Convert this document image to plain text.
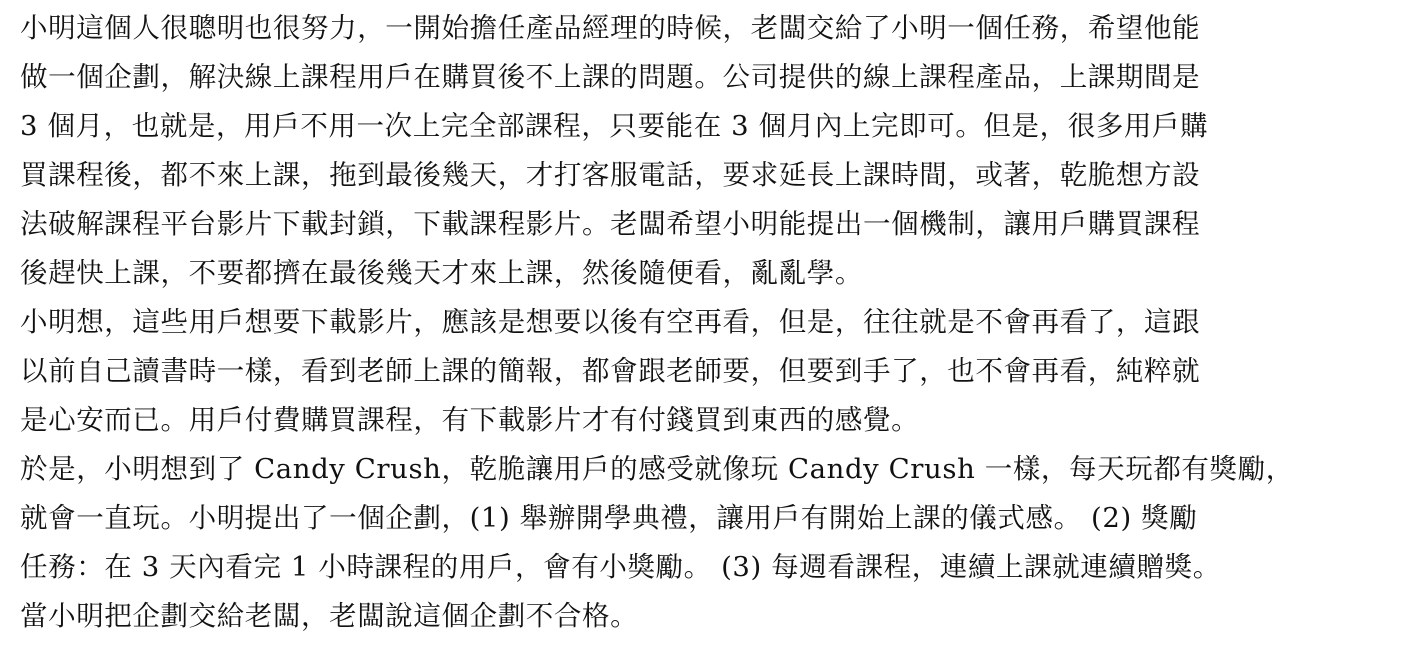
小明這個人很聰明也很努力，一開始擔任產品經理的時候，老闆交給了小明一個任務，希望他能
做一個企劃，解決線上課程用戶在購買後不上課的問題。公司提供的線上課程產品，上課期間是
3 個月，也就是，用戶不用一次上完全部課程，只要能在 3 個月內上完即可。但是，很多用戶購
買課程後，都不來上課，拖到最後幾天，才打客服電話，要求延長上課時間，或著，乾脆想方設
法破解課程平台影片下載封鎖，下載課程影片。老闆希望小明能提出一個機制，讓用戶購買課程
後趕快上課，不要都擠在最後幾天才來上課，然後隨便看，亂亂學。
小明想，這些用戶想要下載影片，應該是想要以後有空再看，但是，往往就是不會再看了，這跟
以前自己讀書時一樣，看到老師上課的簡報，都會跟老師要，但要到手了，也不會再看，純粹就
是心安而已。用戶付費購買課程，有下載影片才有付錢買到東西的感覺。
於是，小明想到了 Candy Crush，乾脆讓用戶的感受就像玩 Candy Crush 一樣，每天玩都有獎勵，
就會一直玩。小明提出了一個企劃，(1) 舉辦開學典禮，讓用戶有開始上課的儀式感。 (2) 獎勵
任務：在 3 天內看完 1 小時課程的用戶，會有小獎勵。 (3) 每週看課程，連續上課就連續贈獎。
當小明把企劃交給老闆，老闆說這個企劃不合格。
